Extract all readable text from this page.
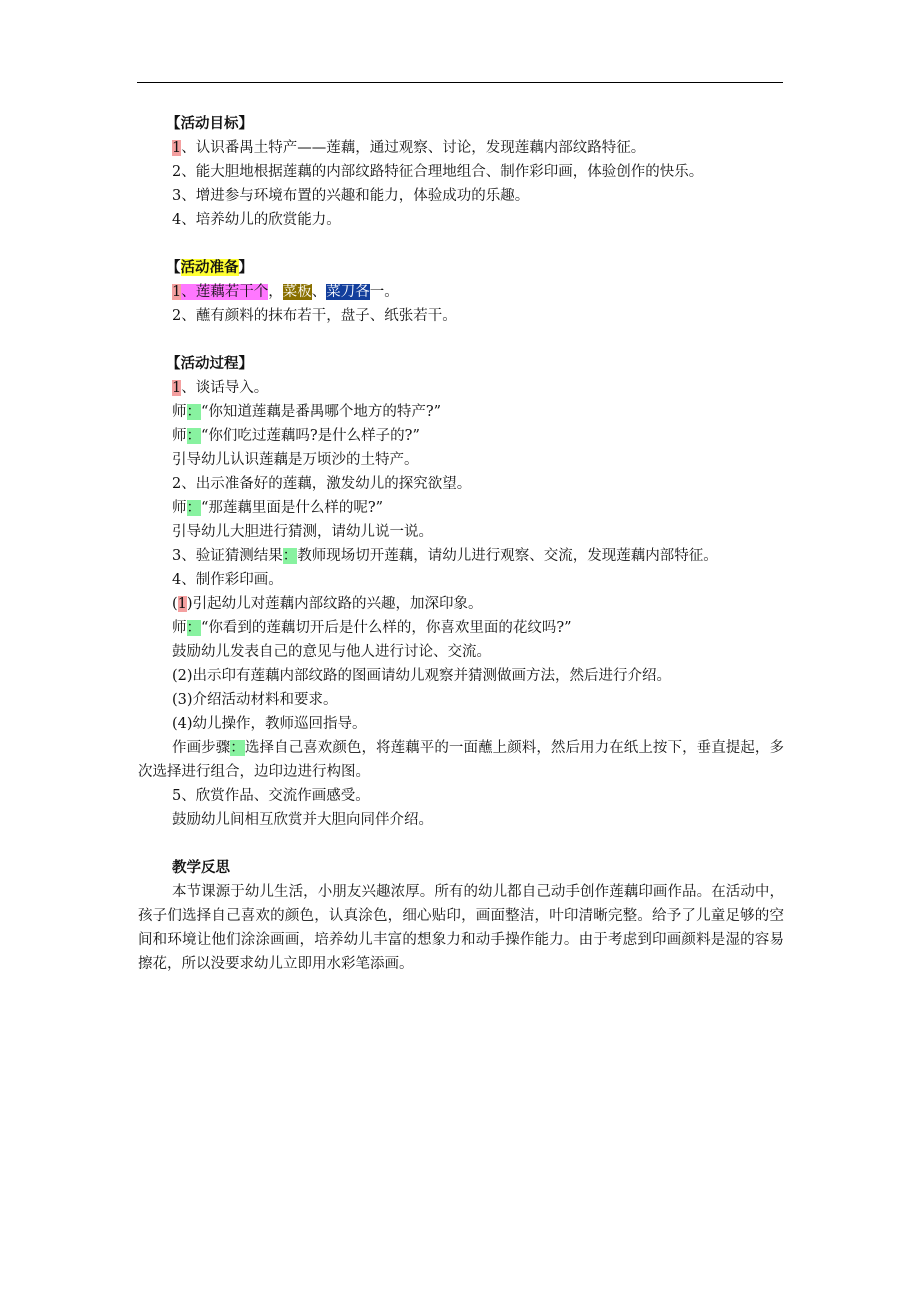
【活动目标】
1、认识番禺土特产——莲藕，通过观察、讨论，发现莲藕内部纹路特征。
2、能大胆地根据莲藕的内部纹路特征合理地组合、制作彩印画，体验创作的快乐。
3、增进参与环境布置的兴趣和能力，体验成功的乐趣。
4、培养幼儿的欣赏能力。
【活动准备】
1、莲藕若干个，菜板、菜刀各一。
2、蘸有颜料的抹布若干，盘子、纸张若干。
【活动过程】
1、谈话导入。
师：“你知道莲藕是番禺哪个地方的特产?”
师：“你们吃过莲藕吗?是什么样子的?”
引导幼儿认识莲藕是万顷沙的土特产。
2、出示准备好的莲藕，激发幼儿的探究欲望。
师：“那莲藕里面是什么样的呢?”
引导幼儿大胆进行猜测，请幼儿说一说。
3、验证猜测结果：教师现场切开莲藕，请幼儿进行观察、交流，发现莲藕内部特征。
4、制作彩印画。
(1)引起幼儿对莲藕内部纹路的兴趣，加深印象。
师：“你看到的莲藕切开后是什么样的，你喜欢里面的花纹吗?”
鼓励幼儿发表自己的意见与他人进行讨论、交流。
(2)出示印有莲藕内部纹路的图画请幼儿观察并猜测做画方法，然后进行介绍。
(3)介绍活动材料和要求。
(4)幼儿操作，教师巡回指导。
作画步骤：选择自己喜欢颜色，将莲藕平的一面蘸上颜料，然后用力在纸上按下，垂直提起，多次选择进行组合，边印边进行构图。
5、欣赏作品、交流作画感受。
鼓励幼儿间相互欣赏并大胆向同伴介绍。
教学反思
本节课源于幼儿生活，小朋友兴趣浓厚。所有的幼儿都自己动手创作莲藕印画作品。在活动中，孩子们选择自己喜欢的颜色，认真涂色，细心贴印，画面整洁，叶印清晰完整。给予了儿童足够的空间和环境让他们涂涂画画，培养幼儿丰富的想象力和动手操作能力。由于考虑到印画颜料是湿的容易擦花，所以没要求幼儿立即用水彩笔添画。
